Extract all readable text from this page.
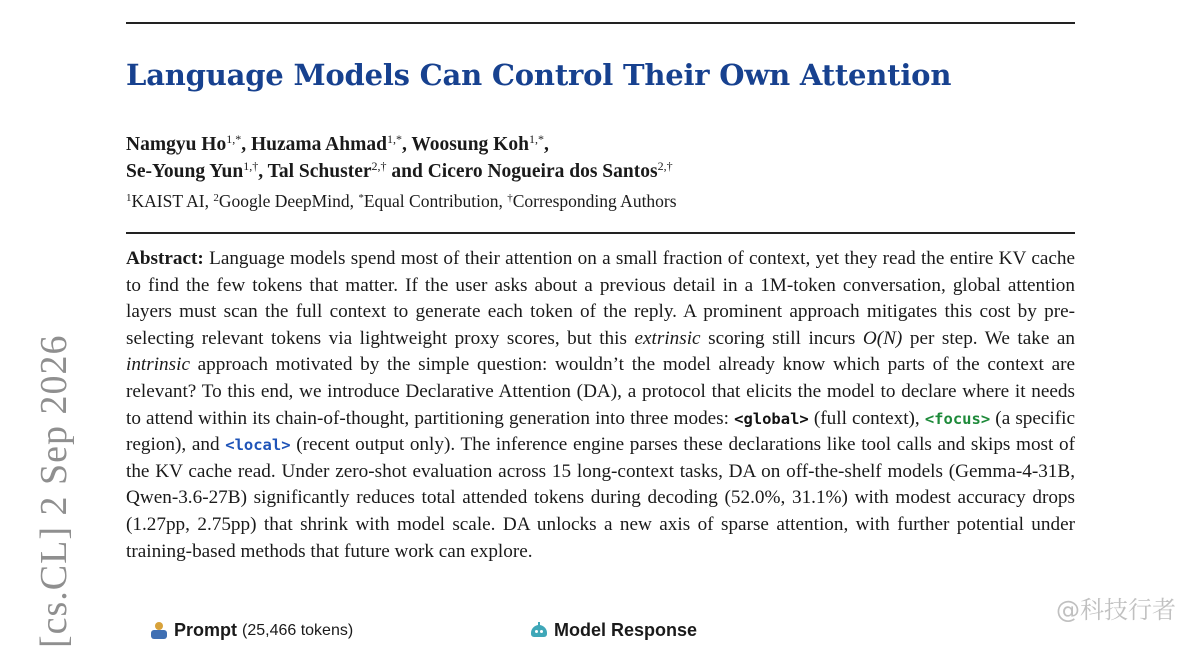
Language Models Can Control Their Own Attention
Namgyu $Ho^{1,*}$, Huzama Ahmad$^{1,*}$, Woosung Koh$^{1,*}$,
Se-Young Yun$^{1,\dagger}$, Tal Schuster$^{2,\dagger}$ and Cicero Nogueira dos Santos$^{2,\dagger}$
$^1$KAIST AI, $^2$Google DeepMind, *Equal Contribution, †Corresponding Authors

Abstract: Language models spend most of their attention on a small fraction of context, yet they read the entire KV cache to find the few tokens that matter. If the user asks about a previous detail in a 1M-token conversation, global attention layers must scan the full context to generate each token of the reply. A prominent approach mitigates this cost by pre-selecting relevant tokens via lightweight proxy scores, but this extrinsic scoring still incurs O(N) per step. We take an intrinsic approach motivated by the simple question: wouldn’t the model already know which parts of the context are relevant? To this end, we introduce Declarative Attention (DA), a protocol that elicits the model to declare where it needs to attend within its chain-of-thought, partitioning generation into three modes: <global> (full context), <focus> (a specific region), and <local> (recent output only). The inference engine parses these declarations like tool calls and skips most of the KV cache read. Under zero-shot evaluation across 15 long-context tasks, DA on off-the-shelf models (Gemma-4-31B, Qwen-3.6-27B) significantly reduces total attended tokens during decoding (52.0%, 31.1%) with modest accuracy drops (1.27pp, 2.75pp) that shrink with model scale. DA unlocks a new axis of sparse attention, with further potential under training-based methods that future work can explore.

[cs.CL] 2 Sep 2026	Prompt (25,466 tokens)	Model Response
@科技行者
